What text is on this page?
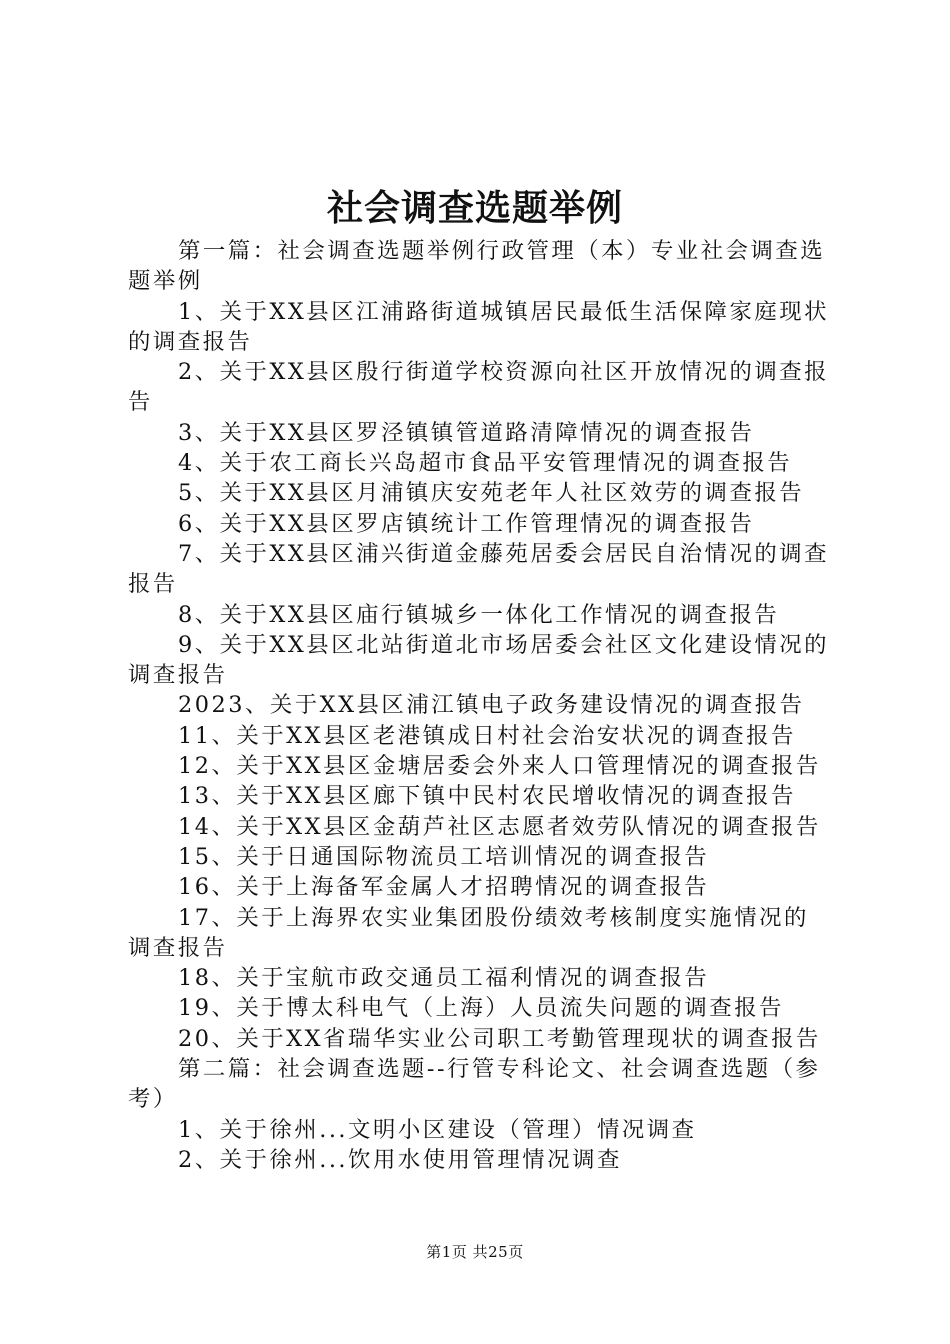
社会调查选题举例

第一篇：社会调查选题举例行政管理（本）专业社会调查选题举例

1、关于XX县区江浦路街道城镇居民最低生活保障家庭现状的调查报告

2、关于XX县区殷行街道学校资源向社区开放情况的调查报告

3、关于XX县区罗泾镇镇管道路清障情况的调查报告

4、关于农工商长兴岛超市食品平安管理情况的调查报告

5、关于XX县区月浦镇庆安苑老年人社区效劳的调查报告

6、关于XX县区罗店镇统计工作管理情况的调查报告

7、关于XX县区浦兴街道金藤苑居委会居民自治情况的调查报告

8、关于XX县区庙行镇城乡一体化工作情况的调查报告

9、关于XX县区北站街道北市场居委会社区文化建设情况的调查报告

2023、关于XX县区浦江镇电子政务建设情况的调查报告

11、关于XX县区老港镇成日村社会治安状况的调查报告

12、关于XX县区金塘居委会外来人口管理情况的调查报告

13、关于XX县区廊下镇中民村农民增收情况的调查报告

14、关于XX县区金葫芦社区志愿者效劳队情况的调查报告

15、关于日通国际物流员工培训情况的调查报告

16、关于上海备军金属人才招聘情况的调查报告

17、关于上海界农实业集团股份绩效考核制度实施情况的调查报告

18、关于宝航市政交通员工福利情况的调查报告

19、关于博太科电气（上海）人员流失问题的调查报告

20、关于XX省瑞华实业公司职工考勤管理现状的调查报告

第二篇：社会调查选题--行管专科论文、社会调查选题（参考）

1、关于徐州...文明小区建设（管理）情况调查

2、关于徐州...饮用水使用管理情况调查

第1页 共25页
